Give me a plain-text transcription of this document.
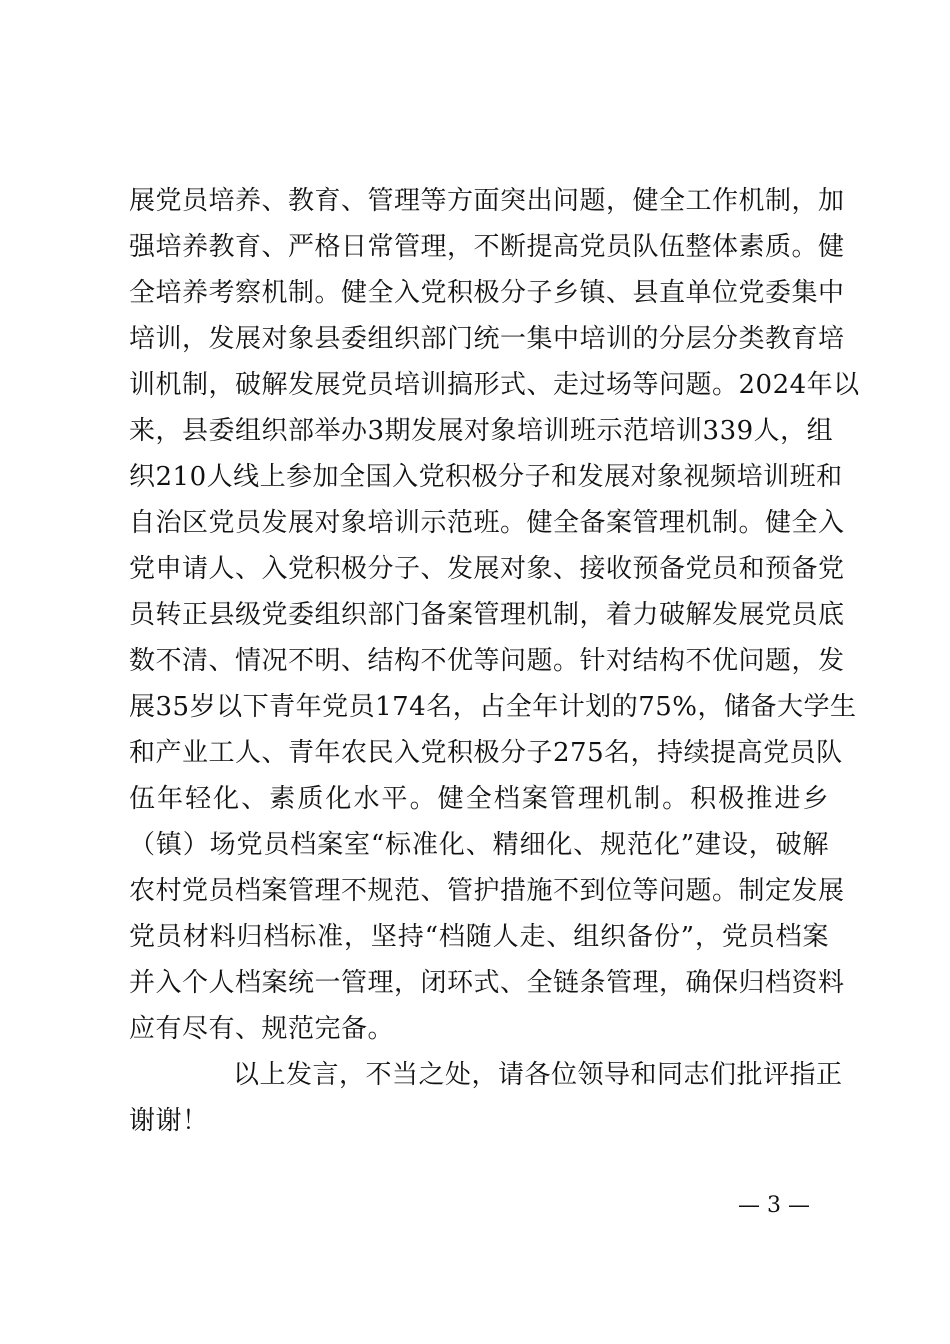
展党员培养、教育、管理等方面突出问题，健全工作机制，加
强培养教育、严格日常管理，不断提高党员队伍整体素质。健
全培养考察机制。健全入党积极分子乡镇、县直单位党委集中
培训，发展对象县委组织部门统一集中培训的分层分类教育培
训机制，破解发展党员培训搞形式、走过场等问题。2024年以
来，县委组织部举办3期发展对象培训班示范培训339人，组
织210人线上参加全国入党积极分子和发展对象视频培训班和
自治区党员发展对象培训示范班。健全备案管理机制。健全入
党申请人、入党积极分子、发展对象、接收预备党员和预备党
员转正县级党委组织部门备案管理机制，着力破解发展党员底
数不清、情况不明、结构不优等问题。针对结构不优问题，发
展35岁以下青年党员174名，占全年计划的75%，储备大学生
和产业工人、青年农民入党积极分子275名，持续提高党员队
伍年轻化、素质化水平。健全档案管理机制。积极推进乡
（镇）场党员档案室“标准化、精细化、规范化”建设，破解
农村党员档案管理不规范、管护措施不到位等问题。制定发展
党员材料归档标准，坚持“档随人走、组织备份”，党员档案
并入个人档案统一管理，闭环式、全链条管理，确保归档资料
应有尽有、规范完备。
以上发言，不当之处，请各位领导和同志们批评指正
谢谢！
— 3 —
